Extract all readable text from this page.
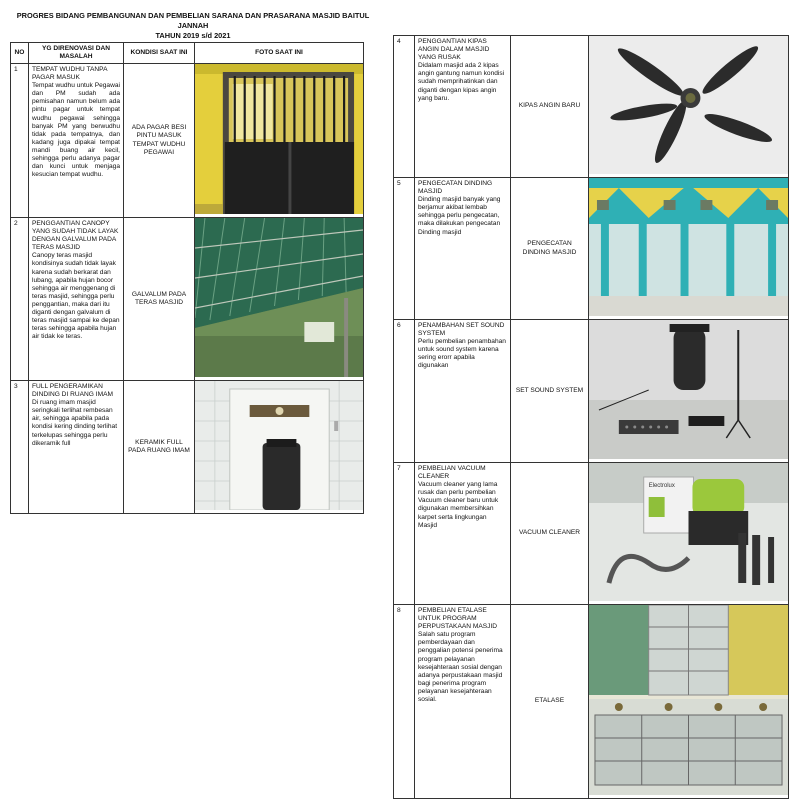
PROGRES BIDANG PEMBANGUNAN DAN PEMBELIAN SARANA DAN PRASARANA MASJID BAITUL JANNAH
TAHUN 2019 s/d 2021
NO	YG DIRENOVASI DAN MASALAH	KONDISI SAAT INI	FOTO SAAT INI
1	TEMPAT WUDHU TANPA PAGAR MASUK
Tempat wudhu untuk Pegawai dan PM sudah ada pemisahan namun belum ada pintu pagar untuk tempat wudhu pegawai sehingga banyak PM yang berwudhu tidak pada tempatnya, dan kadang juga dipakai tempat mandi buang air kecil, sehingga perlu adanya pagar dan kunci untuk menjaga kesucian tempat wudhu.	ADA PAGAR BESI PINTU MASUK TEMPAT WUDHU PEGAWAI	

2	PENGGANTIAN CANOPY YANG SUDAH TIDAK LAYAK DENGAN GALVALUM PADA TERAS MASJID
Canopy teras masjid kondisinya sudah tidak layak karena sudah berkarat dan lubang, apabila hujan bocor sehingga air menggenang di teras masjid, sehingga perlu penggantian, maka dari itu diganti dengan galvalum di teras masjid sampai ke depan teras sehingga apabila hujan air tidak ke teras.	GALVALUM PADA TERAS MASJID	

3	FULL PENGERAMIKAN DINDING DI RUANG IMAM
Di ruang imam masjid seringkali terlihat rembesan air, sehingga apabila pada kondisi kering dinding terlihat terkelupas sehingga perlu dikeramik full	KERAMIK FULL PADA RUANG IMAM	
4	PENGGANTIAN KIPAS ANGIN DALAM MASJID YANG RUSAK
Didalam masjid ada 2 kipas angin gantung namun kondisi sudah memprihatinkan dan diganti dengan kipas angin yang baru.	KIPAS ANGIN BARU	

5	PENGECATAN DINDING MASJID
Dinding masjid banyak yang berjamur akibat lembab sehingga perlu pengecatan, maka dilakukan pengecatan Dinding masjid	PENGECATAN DINDING MASJID	

6	PENAMBAHAN SET SOUND SYSTEM
Perlu pembelian penambahan untuk sound system karena sering erorr apabila digunakan	SET SOUND SYSTEM	

7	PEMBELIAN VACUUM CLEANER
Vacuum cleaner yang lama rusak dan perlu pembelian Vacuum cleaner baru untuk digunakan membersihkan karpet serta lingkungan Masjid	VACUUM CLEANER	Electrolux

8	PEMBELIAN ETALASE UNTUK PROGRAM PERPUSTAKAAN MASJID
Salah satu program pemberdayaan dan penggalian potensi penerima program pelayanan kesejahteraan sosial dengan adanya perpustakaan masjid bagi penerima program pelayanan kesejahteraan sosial.	ETALASE	
